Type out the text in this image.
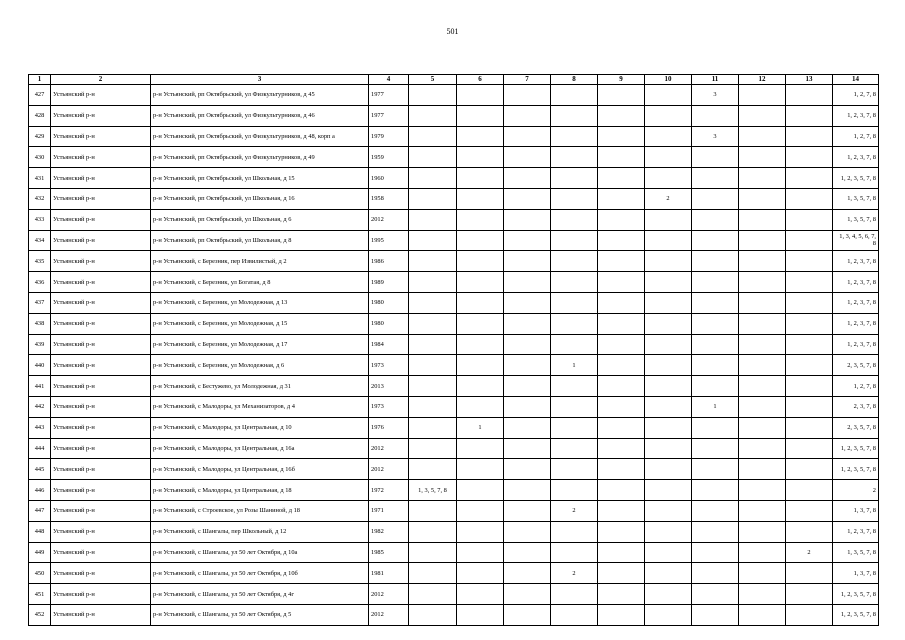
501
1	2	3	4	5	6	7	8	9	10	11	12	13	14
427	Устьянский р-н	р-н Устьянский, рп Октябрьский, ул Физкультурников, д 45	1977							3			1, 2, 7, 8
428	Устьянский р-н	р-н Устьянский, рп Октябрьский, ул Физкультурников, д 46	1977										1, 2, 3, 7, 8
429	Устьянский р-н	р-н Устьянский, рп Октябрьский, ул Физкультурников, д 48, корп а	1979							3			1, 2, 7, 8
430	Устьянский р-н	р-н Устьянский, рп Октябрьский, ул Физкультурников, д 49	1959										1, 2, 3, 7, 8
431	Устьянский р-н	р-н Устьянский, рп Октябрьский, ул Школьная, д 15	1960										1, 2, 3, 5, 7, 8
432	Устьянский р-н	р-н Устьянский, рп Октябрьский, ул Школьная, д 16	1958						2				1, 3, 5, 7, 8
433	Устьянский р-н	р-н Устьянский, рп Октябрьский, ул Школьная, д 6	2012										1, 3, 5, 7, 8
434	Устьянский р-н	р-н Устьянский, рп Октябрьский, ул Школьная, д 8	1995										1, 3, 4, 5, 6, 7, 8
435	Устьянский р-н	р-н Устьянский, с Березник, пер Извилистый, д 2	1986										1, 2, 3, 7, 8
436	Устьянский р-н	р-н Устьянский, с Березник, ул Богатая, д 8	1989										1, 2, 3, 7, 8
437	Устьянский р-н	р-н Устьянский, с Березник, ул Молодежная, д 13	1980										1, 2, 3, 7, 8
438	Устьянский р-н	р-н Устьянский, с Березник, ул Молодежная, д 15	1980										1, 2, 3, 7, 8
439	Устьянский р-н	р-н Устьянский, с Березник, ул Молодежная, д 17	1984										1, 2, 3, 7, 8
440	Устьянский р-н	р-н Устьянский, с Березник, ул Молодежная, д 6	1973				1						2, 3, 5, 7, 8
441	Устьянский р-н	р-н Устьянский, с Бестужево, ул Молодежная, д 31	2013										1, 2, 7, 8
442	Устьянский р-н	р-н Устьянский, с Малодоры, ул Механизаторов, д 4	1973							1			2, 3, 7, 8
443	Устьянский р-н	р-н Устьянский, с Малодоры, ул Центральная, д 10	1976		1								2, 3, 5, 7, 8
444	Устьянский р-н	р-н Устьянский, с Малодоры, ул Центральная, д 16а	2012										1, 2, 3, 5, 7, 8
445	Устьянский р-н	р-н Устьянский, с Малодоры, ул Центральная, д 16б	2012										1, 2, 3, 5, 7, 8
446	Устьянский р-н	р-н Устьянский, с Малодоры, ул Центральная, д 18	1972	1, 3, 5, 7, 8									2
447	Устьянский р-н	р-н Устьянский, с Строевское, ул Розы Шаниной, д 18	1971				2						1, 3, 7, 8
448	Устьянский р-н	р-н Устьянский, с Шангалы, пер Школьный, д 12	1982										1, 2, 3, 7, 8
449	Устьянский р-н	р-н Устьянский, с Шангалы, ул 50 лет Октября, д 10а	1985									2	1, 3, 5, 7, 8
450	Устьянский р-н	р-н Устьянский, с Шангалы, ул 50 лет Октября, д 10б	1981				2						1, 3, 7, 8
451	Устьянский р-н	р-н Устьянский, с Шангалы, ул 50 лет Октября, д 4г	2012										1, 2, 3, 5, 7, 8
452	Устьянский р-н	р-н Устьянский, с Шангалы, ул 50 лет Октября, д 5	2012										1, 2, 3, 5, 7, 8
